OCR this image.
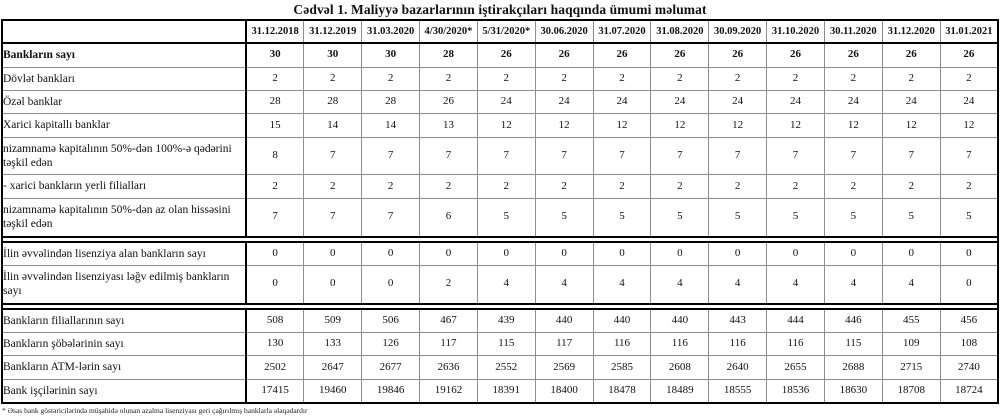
Cədvəl 1. Maliyyə bazarlarının iştirakçıları haqqında ümumi məlumat
	31.12.2018	31.12.2019	31.03.2020	4/30/2020*	5/31/2020*	30.06.2020	31.07.2020	31.08.2020	30.09.2020	31.10.2020	30.11.2020	31.12.2020	31.01.2021
Bankların sayı	30	30	30	28	26	26	26	26	26	26	26	26	26
Dövlət bankları	2	2	2	2	2	2	2	2	2	2	2	2	2
Özəl banklar	28	28	28	26	24	24	24	24	24	24	24	24	24
Xarici kapitallı banklar	15	14	14	13	12	12	12	12	12	12	12	12	12
nizamnamə kapitalının 50%-dən 100%-ə qədərini təşkil edən	8	7	7	7	7	7	7	7	7	7	7	7	7
- xarici bankların yerli filialları	2	2	2	2	2	2	2	2	2	2	2	2	2
nizamnamə kapitalının 50%-dən az olan hissəsini təşkil edən	7	7	7	6	5	5	5	5	5	5	5	5	5

İlin əvvəlindən lisenziya alan bankların sayı	0	0	0	0	0	0	0	0	0	0	0	0	0
İlin əvvəlindən lisenziyası ləğv edilmiş bankların sayı	0	0	0	2	4	4	4	4	4	4	4	4	0

Bankların filiallarının sayı	508	509	506	467	439	440	440	440	443	444	446	455	456
Bankların şöbələrinin sayı	130	133	126	117	115	117	116	116	116	116	115	109	108
Bankların ATM-lərin sayı	2502	2647	2677	2636	2552	2569	2585	2608	2640	2655	2688	2715	2740
Bank işçilərinin sayı	17415	19460	19846	19162	18391	18400	18478	18489	18555	18536	18630	18708	18724
* Əsas bank göstəricilərində müşahidə olunan azalma lisenziyası geri çağırılmış banklarla əlaqədardır
